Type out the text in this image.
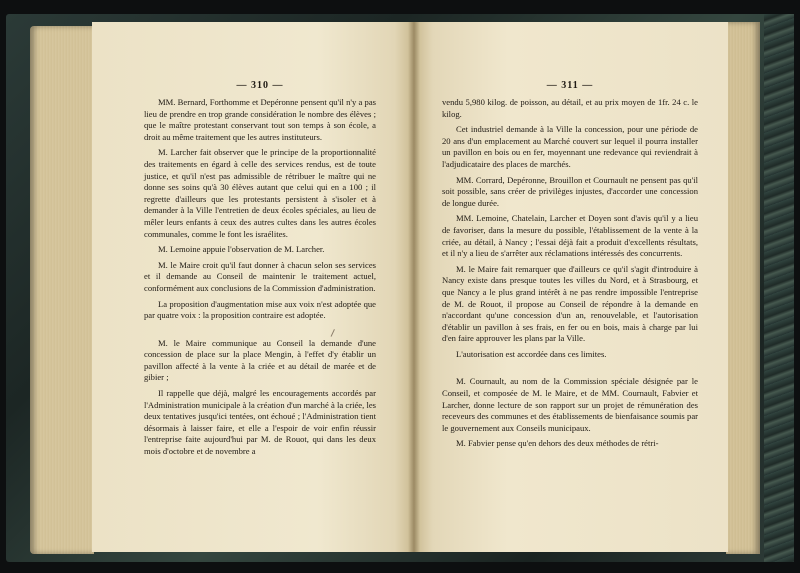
— 310 —

MM. Bernard, Forthomme et Depéronne pensent qu'il n'y a pas lieu de prendre en trop grande considération le nombre des élèves ; que le maître protestant conservant tout son temps à son école, a droit au même traitement que les autres instituteurs.

M. Larcher fait observer que le principe de la proportionnalité des traitements en égard à celle des services rendus, est de toute justice, et qu'il n'est pas admissible de rétribuer le maître qui ne donne ses soins qu'à 30 élèves autant que celui qui en a 100 ; il regrette d'ailleurs que les protestants persistent à s'isoler et à demander à la Ville l'entretien de deux écoles spéciales, au lieu de mêler leurs enfants à ceux des autres cultes dans les autres écoles communales, comme le font les israélites.

M. Lemoine appuie l'observation de M. Larcher.

M. le Maire croit qu'il faut donner à chacun selon ses services et il demande au Conseil de maintenir le traitement actuel, conformément aux conclusions de la Commission d'administration.

La proposition d'augmentation mise aux voix n'est adoptée que par quatre voix : la proposition contraire est adoptée.

M. le Maire communique au Conseil la demande d'une concession de place sur la place Mengin, à l'effet d'y établir un pavillon affecté à la vente à la criée et au détail de marée et de gibier ;

Il rappelle que déjà, malgré les encouragements accordés par l'Administration municipale à la création d'un marché à la criée, les deux tentatives jusqu'ici tentées, ont échoué ; l'Administration tient désormais à laisser faire, et elle a l'espoir de voir enfin réussir l'entreprise faite aujourd'hui par M. de Rouot, qui dans les deux mois d'octobre et de novembre a

— 311 —

vendu 5,980 kilog. de poisson, au détail, et au prix moyen de 1fr. 24 c. le kilog.

Cet industriel demande à la Ville la concession, pour une période de 20 ans d'un emplacement au Marché couvert sur lequel il pourra installer un pavillon en bois ou en fer, moyennant une redevance qui reviendrait à l'adjudicataire des places de marchés.

MM. Corrard, Depéronne, Brouillon et Cournault ne pensent pas qu'il soit possible, sans créer de privilèges injustes, d'accorder une concession de longue durée.

MM. Lemoine, Chatelain, Larcher et Doyen sont d'avis qu'il y a lieu de favoriser, dans la mesure du possible, l'établissement de la vente à la criée, au détail, à Nancy ; l'essai déjà fait a produit d'excellents résultats, et il n'y a lieu de s'arrêter aux réclamations intéressés des concurrents.

M. le Maire fait remarquer que d'ailleurs ce qu'il s'agit d'introduire à Nancy existe dans presque toutes les villes du Nord, et à Strasbourg, et que Nancy a le plus grand intérêt à ne pas rendre impossible l'entreprise de M. de Rouot, il propose au Conseil de répondre à la demande en n'accordant qu'une concession d'un an, renouvelable, et l'autorisation d'établir un pavillon à ses frais, en fer ou en bois, mais à charge par lui d'en faire approuver les plans par la Ville.

L'autorisation est accordée dans ces limites.

M. Cournault, au nom de la Commission spéciale désignée par le Conseil, et composée de M. le Maire, et de MM. Cournault, Fabvier et Larcher, donne lecture de son rapport sur un projet de rémunération des receveurs des communes et des établissements de bienfaisance soumis par le gouvernement aux Conseils municipaux.

M. Fabvier pense qu'en dehors des deux méthodes de rétri-
